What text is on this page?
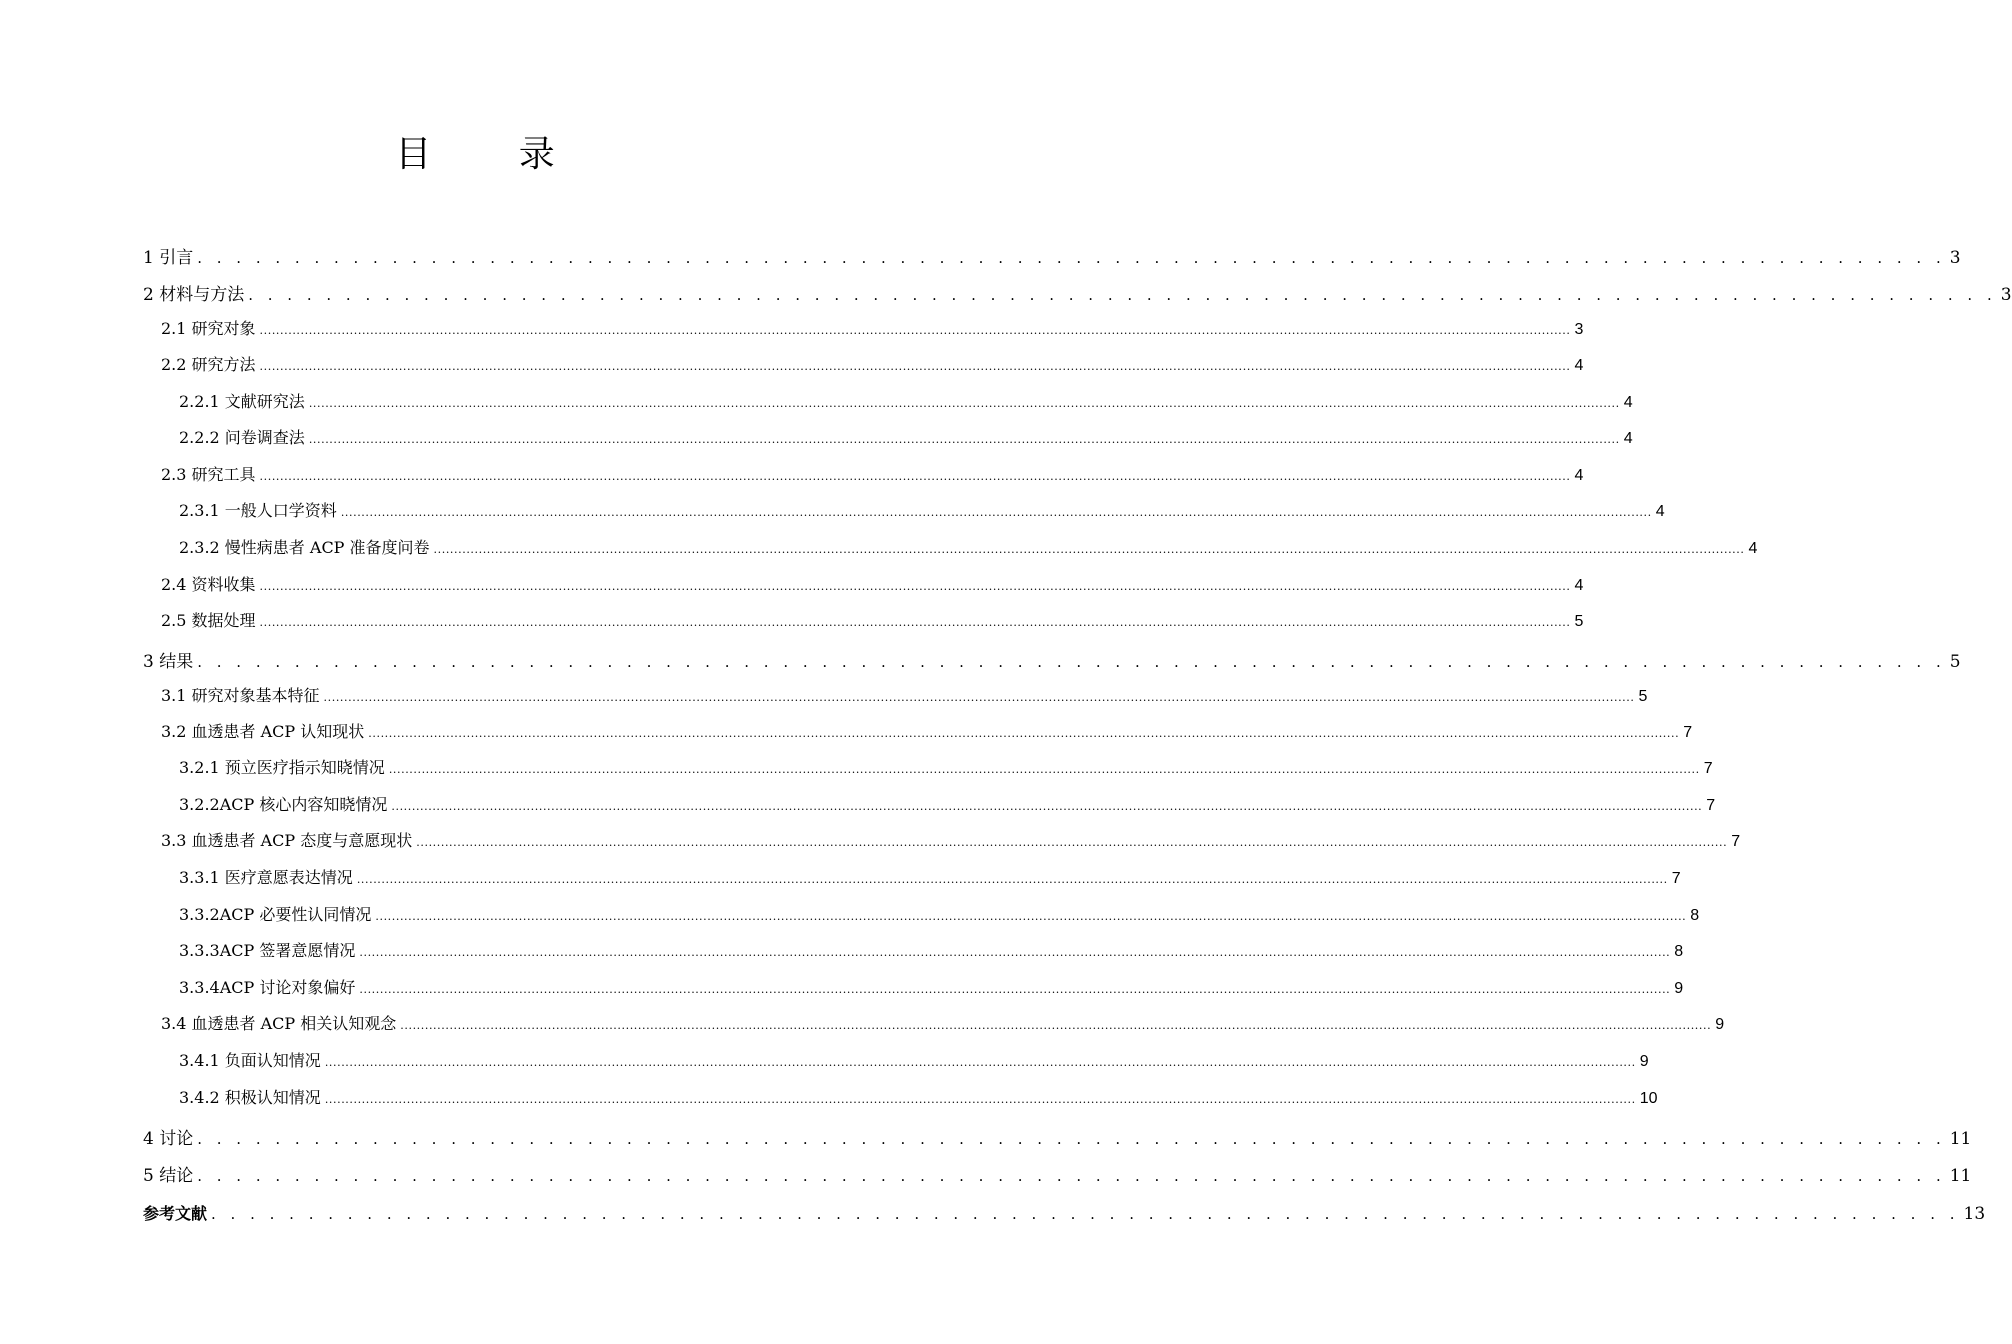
目 录
1 引言 . . . . . . . . . . . . . . . . . . . . . . . . . . . . . . . . . . . . . . . . . . . . . . . . . . . . . . . . . . . . . . . . . . . . . . . . . . . . . . . . . . . . . . . . . . 3
2 材料与方法 . . . . . . . . . . . . . . . . . . . . . . . . . . . . . . . . . . . . . . . . . . . . . . . . . . . . . . . . . . . . . . . . . . . . . . . . . . . . . . . . . . . . . . . . . . 3
2.1 研究对象 ................................................................................................................................................................................................................................................................................................................................ 3
2.2 研究方法 ................................................................................................................................................................................................................................................................................................................................ 4
2.2.1 文献研究法 ................................................................................................................................................................................................................................................................................................................................ 4
2.2.2 问卷调查法 ................................................................................................................................................................................................................................................................................................................................ 4
2.3 研究工具 ................................................................................................................................................................................................................................................................................................................................ 4
2.3.1 一般人口学资料 ................................................................................................................................................................................................................................................................................................................................ 4
2.3.2 慢性病患者 ACP 准备度问卷 ................................................................................................................................................................................................................................................................................................................................ 4
2.4 资料收集 ................................................................................................................................................................................................................................................................................................................................ 4
2.5 数据处理 ................................................................................................................................................................................................................................................................................................................................ 5
3 结果 . . . . . . . . . . . . . . . . . . . . . . . . . . . . . . . . . . . . . . . . . . . . . . . . . . . . . . . . . . . . . . . . . . . . . . . . . . . . . . . . . . . . . . . . . . 5
3.1 研究对象基本特征 ................................................................................................................................................................................................................................................................................................................................ 5
3.2 血透患者 ACP 认知现状 ................................................................................................................................................................................................................................................................................................................................ 7
3.2.1 预立医疗指示知晓情况 ................................................................................................................................................................................................................................................................................................................................ 7
3.2.2ACP 核心内容知晓情况 ................................................................................................................................................................................................................................................................................................................................ 7
3.3 血透患者 ACP 态度与意愿现状 ................................................................................................................................................................................................................................................................................................................................ 7
3.3.1 医疗意愿表达情况 ................................................................................................................................................................................................................................................................................................................................ 7
3.3.2ACP 必要性认同情况 ................................................................................................................................................................................................................................................................................................................................ 8
3.3.3ACP 签署意愿情况 ................................................................................................................................................................................................................................................................................................................................ 8
3.3.4ACP 讨论对象偏好 ................................................................................................................................................................................................................................................................................................................................ 9
3.4 血透患者 ACP 相关认知观念 ................................................................................................................................................................................................................................................................................................................................ 9
3.4.1 负面认知情况 ................................................................................................................................................................................................................................................................................................................................ 9
3.4.2 积极认知情况 ................................................................................................................................................................................................................................................................................................................................ 10
4 讨论 . . . . . . . . . . . . . . . . . . . . . . . . . . . . . . . . . . . . . . . . . . . . . . . . . . . . . . . . . . . . . . . . . . . . . . . . . . . . . . . . . . . . . . . . . . 11
5 结论 . . . . . . . . . . . . . . . . . . . . . . . . . . . . . . . . . . . . . . . . . . . . . . . . . . . . . . . . . . . . . . . . . . . . . . . . . . . . . . . . . . . . . . . . . . 11
参考文献 . . . . . . . . . . . . . . . . . . . . . . . . . . . . . . . . . . . . . . . . . . . . . . . . . . . . . . . . . . . . . . . . . . . . . . . . . . . . . . . . . . . . . . . . . . 13
